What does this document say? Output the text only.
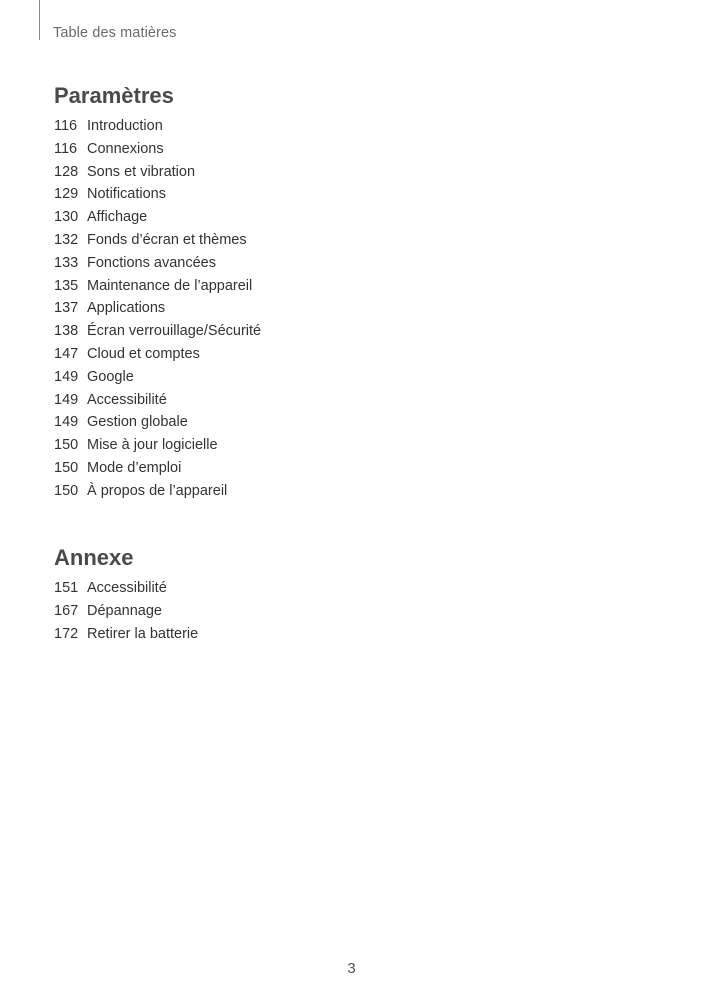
Table des matières
Paramètres
116 Introduction
116 Connexions
128 Sons et vibration
129 Notifications
130 Affichage
132 Fonds d’écran et thèmes
133 Fonctions avancées
135 Maintenance de l’appareil
137 Applications
138 Écran verrouillage/Sécurité
147 Cloud et comptes
149 Google
149 Accessibilité
149 Gestion globale
150 Mise à jour logicielle
150 Mode d’emploi
150 À propos de l’appareil
Annexe
151 Accessibilité
167 Dépannage
172 Retirer la batterie
3
